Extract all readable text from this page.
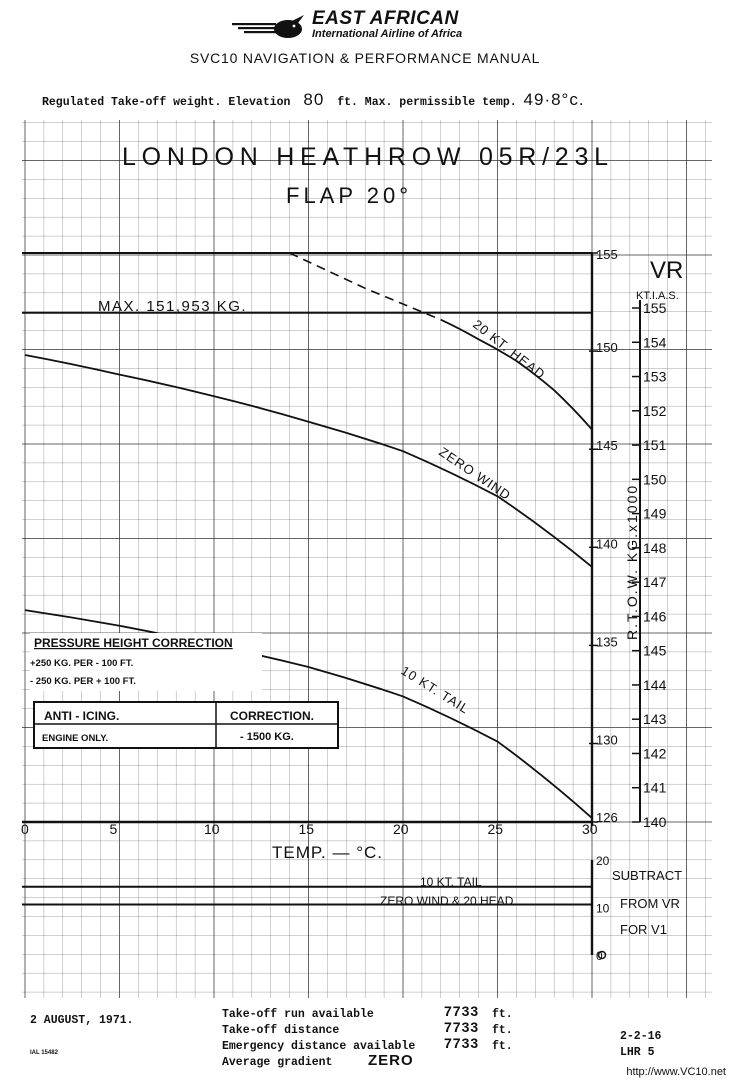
EAST AFRICAN
International Airline of Africa
SVC10 NAVIGATION & PERFORMANCE MANUAL
Regulated Take-off weight. Elevation 80 ft. Max. permissible temp. 49·8°c.
0	5	10	15	20	25	30
126
130
135
140
145
150
155
140
141
142
143
144
145
146
147
148
149
150
151
152
153
154
155
20 KT. HEAD
ZERO WIND
10 KT. TAIL
20
10
0
LONDON HEATHROW 05R/23L
FLAP 20°
MAX. 151,953 KG.
TEMP. — °C.
VR
KT.I.A.S.
R.T.O.W. KG.x1000
PRESSURE HEIGHT CORRECTION
+250 KG. PER - 100 FT.
- 250 KG. PER + 100 FT.
ANTI - ICING.	CORRECTION.
ENGINE ONLY.	- 1500 KG.
10 KT. TAIL
ZERO WIND & 20 HEAD
SUBTRACT
FROM VR
FOR V1
2 AUGUST, 1971.	Take-off run available	7733 ft.
Take-off distance	7733 ft.
Emergency distance available 7733 ft.
Average gradient ZERO
2-2-16
LHR 5
IAL 15482
http://www.VC10.net
